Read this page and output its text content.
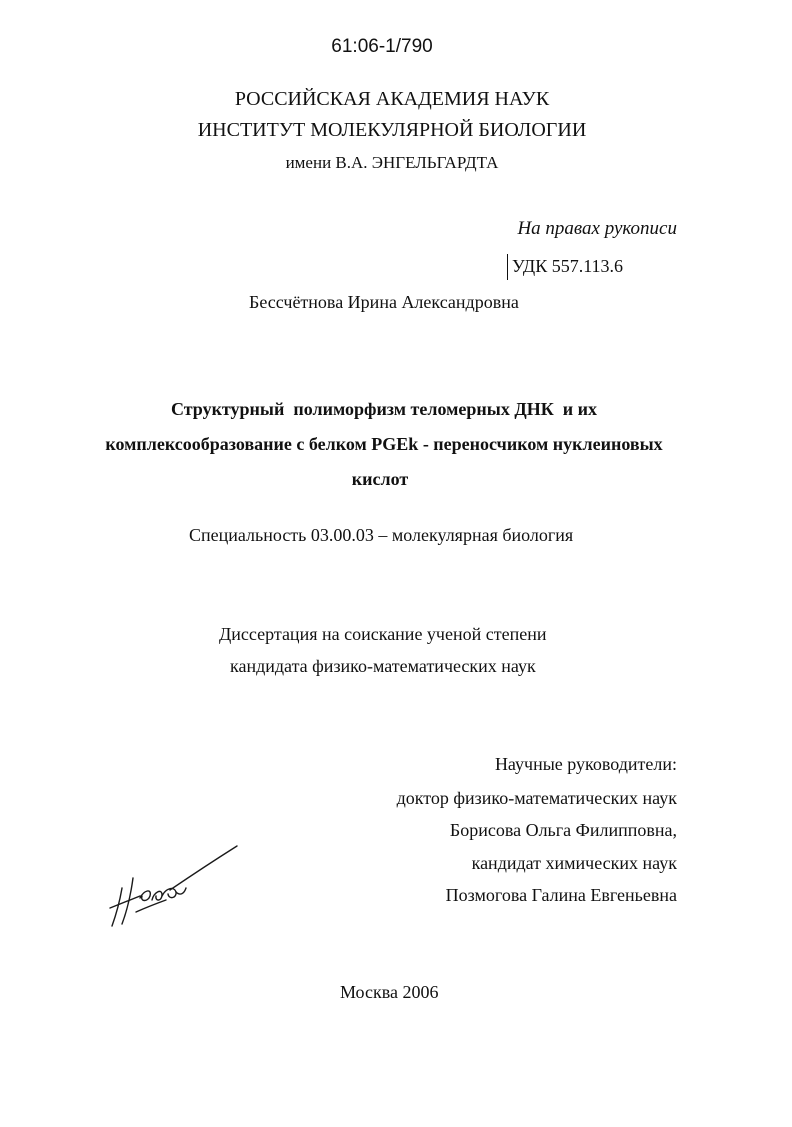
61:06-1/790
РОССИЙСКАЯ АКАДЕМИЯ НАУК
ИНСТИТУТ МОЛЕКУЛЯРНОЙ БИОЛОГИИ
имени В.А. ЭНГЕЛЬГАРДТА
На правах рукописи
УДК 557.113.6
Бессчётнова Ирина Александровна
Структурный  полиморфизм теломерных ДНК  и их
комплексообразование с белком PGEk - переносчиком нуклеиновых
кислот
Специальность 03.00.03 – молекулярная биология
Диссертация на соискание ученой степени
кандидата физико-математических наук
Научные руководители:
доктор физико-математических наук
Борисова Ольга Филипповна,
кандидат химических наук
Позмогова Галина Евгеньевна
Москва 2006
